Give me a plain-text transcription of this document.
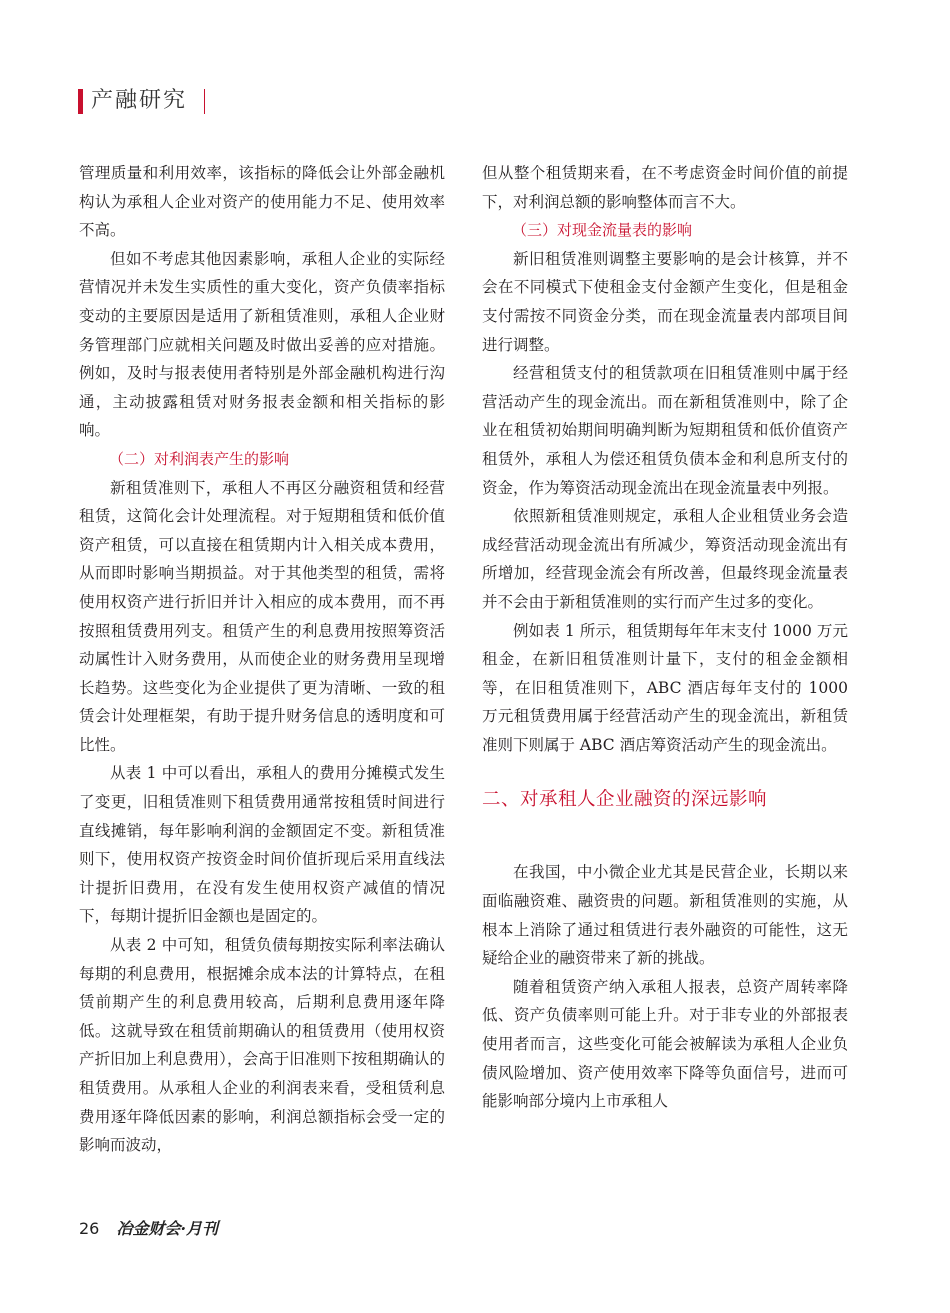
产融研究

管理质量和利用效率，该指标的降低会让外部金融机构认为承租人企业对资产的使用能力不足、使用效率不高。

但如不考虑其他因素影响，承租人企业的实际经营情况并未发生实质性的重大变化，资产负债率指标变动的主要原因是适用了新租赁准则，承租人企业财务管理部门应就相关问题及时做出妥善的应对措施。例如，及时与报表使用者特别是外部金融机构进行沟通，主动披露租赁对财务报表金额和相关指标的影响。

（二）对利润表产生的影响

新租赁准则下，承租人不再区分融资租赁和经营租赁，这简化会计处理流程。对于短期租赁和低价值资产租赁，可以直接在租赁期内计入相关成本费用，从而即时影响当期损益。对于其他类型的租赁，需将使用权资产进行折旧并计入相应的成本费用，而不再按照租赁费用列支。租赁产生的利息费用按照筹资活动属性计入财务费用，从而使企业的财务费用呈现增长趋势。这些变化为企业提供了更为清晰、一致的租赁会计处理框架，有助于提升财务信息的透明度和可比性。

从表 1 中可以看出，承租人的费用分摊模式发生了变更，旧租赁准则下租赁费用通常按租赁时间进行直线摊销，每年影响利润的金额固定不变。新租赁准则下，使用权资产按资金时间价值折现后采用直线法计提折旧费用，在没有发生使用权资产减值的情况下，每期计提折旧金额也是固定的。

从表 2 中可知，租赁负债每期按实际利率法确认每期的利息费用，根据摊余成本法的计算特点，在租赁前期产生的利息费用较高，后期利息费用逐年降低。这就导致在租赁前期确认的租赁费用（使用权资产折旧加上利息费用），会高于旧准则下按租期确认的租赁费用。从承租人企业的利润表来看，受租赁利息费用逐年降低因素的影响，利润总额指标会受一定的影响而波动，

但从整个租赁期来看，在不考虑资金时间价值的前提下，对利润总额的影响整体而言不大。

（三）对现金流量表的影响

新旧租赁准则调整主要影响的是会计核算，并不会在不同模式下使租金支付金额产生变化，但是租金支付需按不同资金分类，而在现金流量表内部项目间进行调整。

经营租赁支付的租赁款项在旧租赁准则中属于经营活动产生的现金流出。而在新租赁准则中，除了企业在租赁初始期间明确判断为短期租赁和低价值资产租赁外，承租人为偿还租赁负债本金和利息所支付的资金，作为筹资活动现金流出在现金流量表中列报。

依照新租赁准则规定，承租人企业租赁业务会造成经营活动现金流出有所减少，筹资活动现金流出有所增加，经营现金流会有所改善，但最终现金流量表并不会由于新租赁准则的实行而产生过多的变化。

例如表 1 所示，租赁期每年年末支付 1000 万元租金，在新旧租赁准则计量下，支付的租金金额相等，在旧租赁准则下，ABC 酒店每年支付的 1000 万元租赁费用属于经营活动产生的现金流出，新租赁准则下则属于 ABC 酒店筹资活动产生的现金流出。

二、对承租人企业融资的深远影响

在我国，中小微企业尤其是民营企业，长期以来面临融资难、融资贵的问题。新租赁准则的实施，从根本上消除了通过租赁进行表外融资的可能性，这无疑给企业的融资带来了新的挑战。

随着租赁资产纳入承租人报表，总资产周转率降低、资产负债率则可能上升。对于非专业的外部报表使用者而言，这些变化可能会被解读为承租人企业负债风险增加、资产使用效率下降等负面信号，进而可能影响部分境内上市承租人

26 冶金财会·月刊
